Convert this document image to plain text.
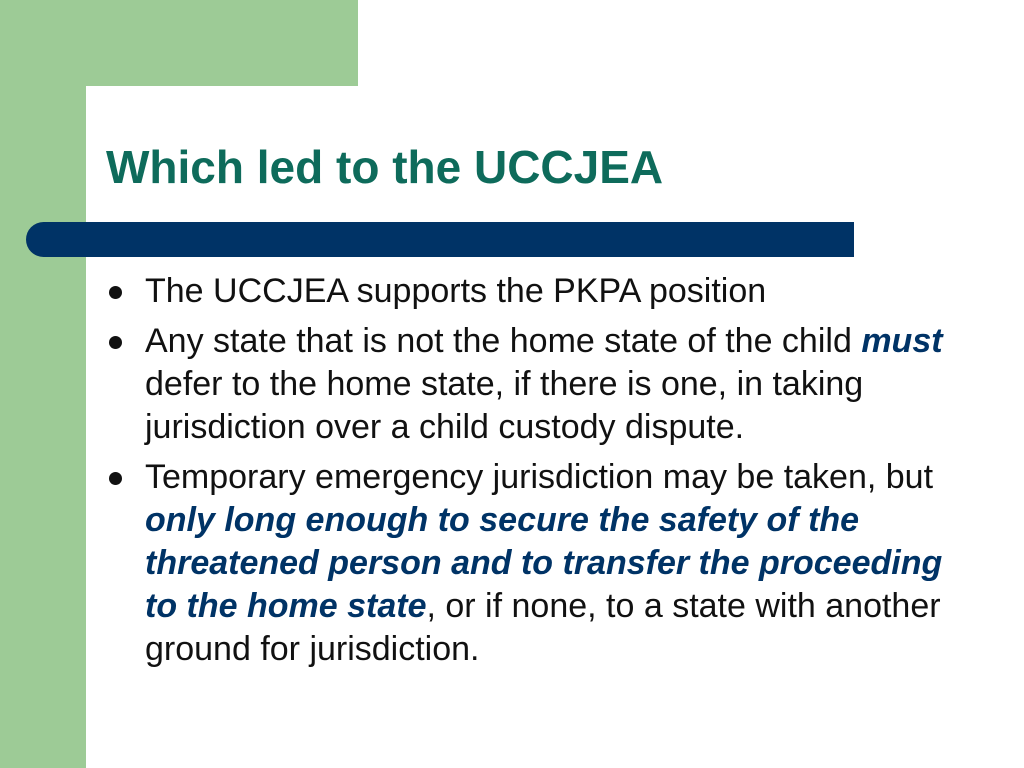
Which led to the UCCJEA
The UCCJEA supports the PKPA position
Any state that is not the home state of the child must defer to the home state, if there is one, in taking jurisdiction over a child custody dispute.
Temporary emergency jurisdiction may be taken, but only long enough to secure the safety of the threatened person and to transfer the proceeding to the home state, or if none, to a state with another ground for jurisdiction.
